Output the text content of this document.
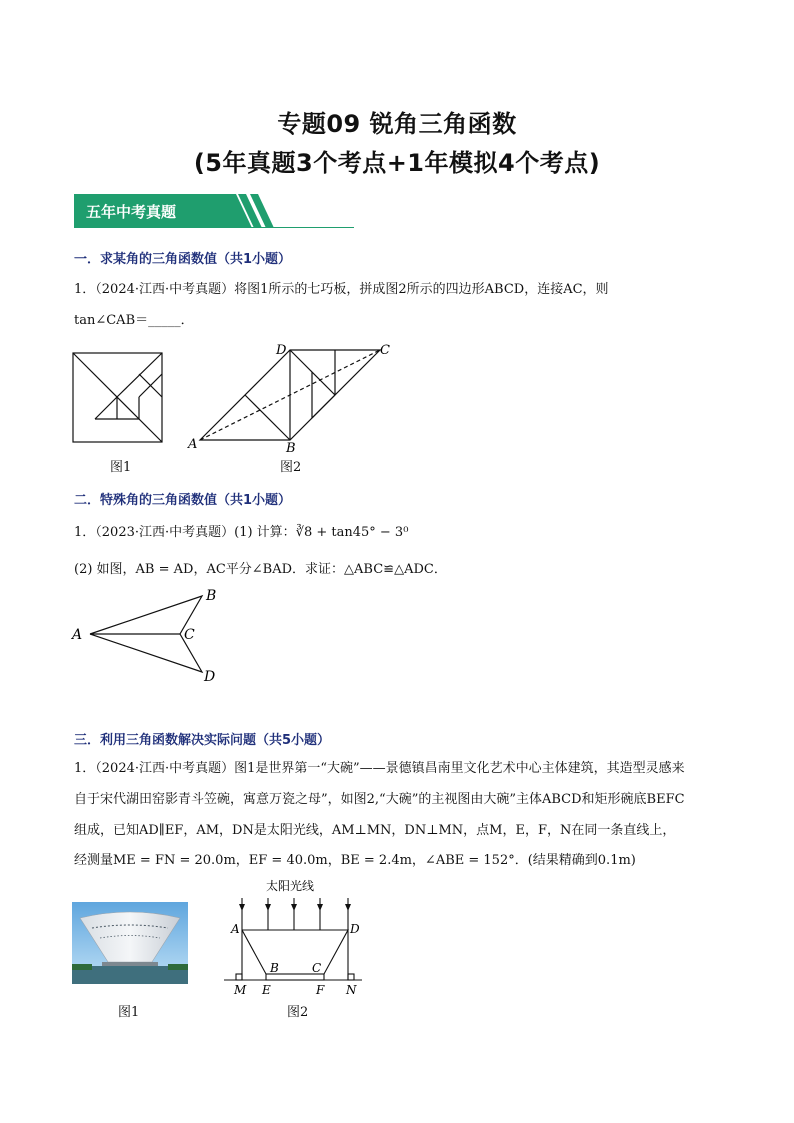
专题09 锐角三角函数
(5年真题3个考点+1年模拟4个考点)
五年中考真题
一．求某角的三角函数值（共1小题）
1．（2024·江西·中考真题）将图1所示的七巧板，拼成图2所示的四边形ABCD，连接AC，则
tan∠CAB＝_____．
图1
A	B
C
D
图2
二．特殊角的三角函数值（共1小题）
1．（2023·江西·中考真题）(1) 计算：∛8 + tan45° − 3⁰
(2) 如图，AB = AD，AC平分∠BAD．求证：△ABC≌△ADC．
A
B
C
D
三．利用三角函数解决实际问题（共5小题）
1．（2024·江西·中考真题）图1是世界第一“大碗”——景德镇昌南里文化艺术中心主体建筑，其造型灵感来
自于宋代湖田窑影青斗笠碗，寓意万瓷之母”，如图2,“大碗”的主视图由大碗”主体ABCD和矩形碗底BEFC
组成，已知AD∥EF，AM，DN是太阳光线，AM⊥MN，DN⊥MN，点M，E，F，N在同一条直线上，
经测量ME = FN = 20.0m，EF = 40.0m，BE = 2.4m，∠ABE = 152°．(结果精确到0.1m)
图1
太阳光线
A
B	C
D
E	F
M	N
图2
